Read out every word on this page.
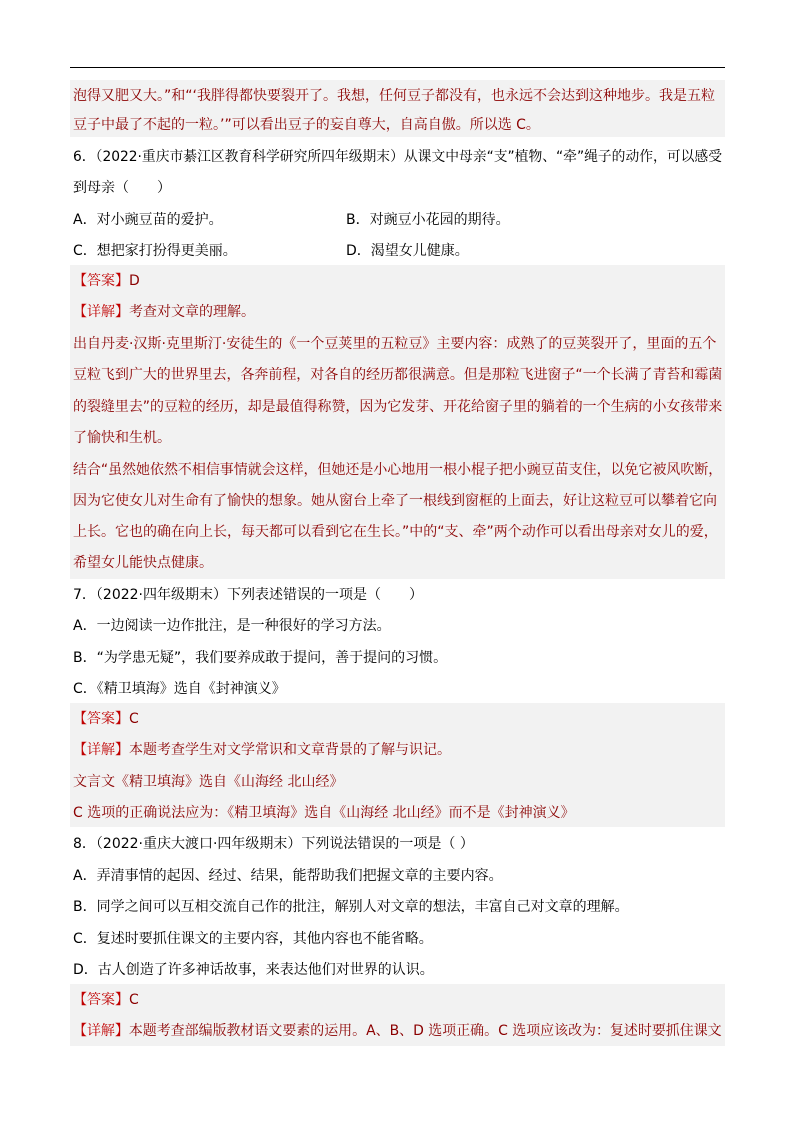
泡得又肥又大。”和“‘我胖得都快要裂开了。我想，任何豆子都没有，也永远不会达到这种地步。我是五粒
豆子中最了不起的一粒。’”可以看出豆子的妄自尊大，自高自傲。所以选 C。
6．（2022·重庆市綦江区教育科学研究所四年级期末）从课文中母亲“支”植物、“牵”绳子的动作，可以感受
到母亲（　　）
A．对小豌豆苗的爱护。	B．对豌豆小花园的期待。
C．想把家打扮得更美丽。	D．渴望女儿健康。
【答案】D
【详解】考查对文章的理解。
出自丹麦·汉斯·克里斯汀·安徒生的《一个豆荚里的五粒豆》主要内容：成熟了的豆荚裂开了，里面的五个
豆粒飞到广大的世界里去，各奔前程，对各自的经历都很满意。但是那粒飞进窗子“一个长满了青苔和霉菌
的裂缝里去”的豆粒的经历，却是最值得称赞，因为它发芽、开花给窗子里的躺着的一个生病的小女孩带来
了愉快和生机。
结合“虽然她依然不相信事情就会这样，但她还是小心地用一根小棍子把小豌豆苗支住，以免它被风吹断，
因为它使女儿对生命有了愉快的想象。她从窗台上牵了一根线到窗框的上面去，好让这粒豆可以攀着它向
上长。它也的确在向上长，每天都可以看到它在生长。”中的“支、牵”两个动作可以看出母亲对女儿的爱，
希望女儿能快点健康。
7．（2022·四年级期末）下列表述错误的一项是（　　）
A．一边阅读一边作批注，是一种很好的学习方法。
B．“为学患无疑”，我们要养成敢于提问，善于提问的习惯。
C．《精卫填海》选自《封神演义》
【答案】C
【详解】本题考查学生对文学常识和文章背景的了解与识记。
文言文《精卫填海》选自《山海经 北山经》
C 选项的正确说法应为：《精卫填海》选自《山海经 北山经》而不是《封神演义》
8．（2022·重庆大渡口·四年级期末）下列说法错误的一项是（ ）
A．弄清事情的起因、经过、结果，能帮助我们把握文章的主要内容。
B．同学之间可以互相交流自己作的批注，解别人对文章的想法，丰富自己对文章的理解。
C．复述时要抓住课文的主要内容，其他内容也不能省略。
D．古人创造了许多神话故事，来表达他们对世界的认识。
【答案】C
【详解】本题考查部编版教材语文要素的运用。A、B、D 选项正确。C 选项应该改为：复述时要抓住课文
